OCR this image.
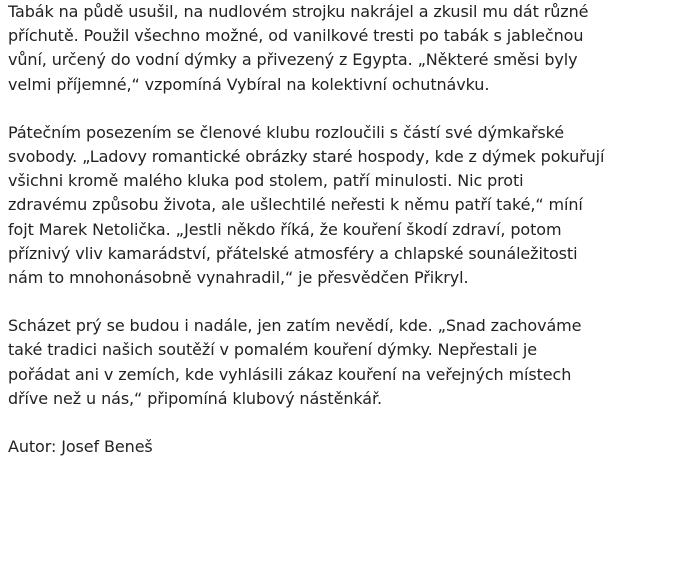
Tabák na půdě usušil, na nudlovém strojku nakrájel a zkusil mu dát různé
příchutě. Použil všechno možné, od vanilkové tresti po tabák s jablečnou
vůní, určený do vodní dýmky a přivezený z Egypta. „Některé směsi byly
velmi příjemné,“ vzpomíná Vybíral na kolektivní ochutnávku.
Pátečním posezením se členové klubu rozloučili s částí své dýmkařské
svobody. „Ladovy romantické obrázky staré hospody, kde z dýmek pokuřují
všichni kromě malého kluka pod stolem, patří minulosti. Nic proti
zdravému způsobu života, ale ušlechtilé neřesti k němu patří také,“ míní
fojt Marek Netolička. „Jestli někdo říká, že kouření škodí zdraví, potom
příznivý vliv kamarádství, přátelské atmosféry a chlapské sounáležitosti
nám to mnohonásobně vynahradil,“ je přesvědčen Přikryl.
Scházet prý se budou i nadále, jen zatím nevědí, kde. „Snad zachováme
také tradici našich soutěží v pomalém kouření dýmky. Nepřestali je
pořádat ani v zemích, kde vyhlásili zákaz kouření na veřejných místech
dříve než u nás,“ připomíná klubový nástěnkář.
Autor: Josef Beneš
